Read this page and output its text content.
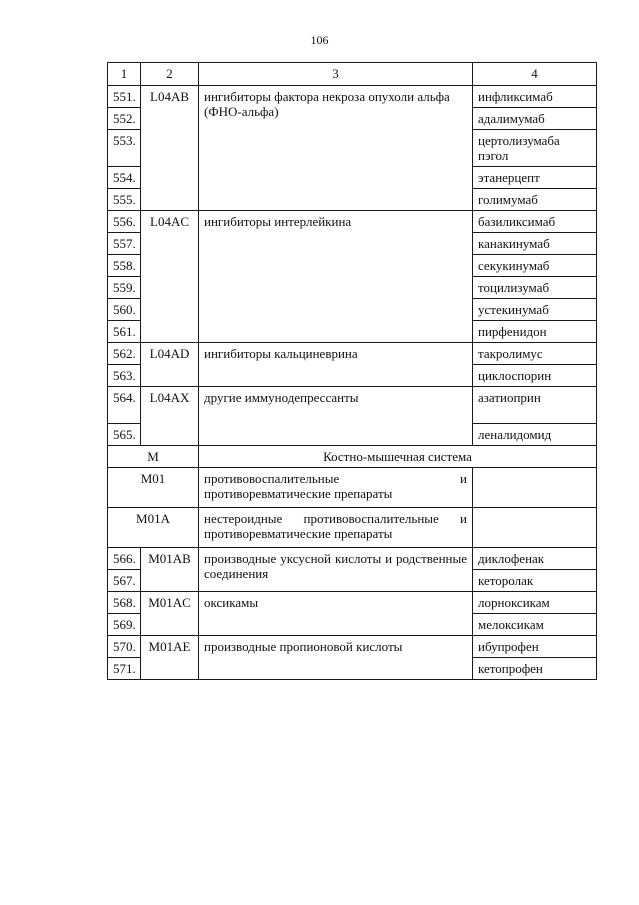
106
1	2	3	4
551.	L04AB	ингибиторы фактора некроза опухоли альфа (ФНО-альфа)	инфликсимаб
552.			адалимумаб
553.			цертолизумаба пэгол
554.			этанерцепт
555.			голимумаб
556.	L04AC	ингибиторы интерлейкина	базиликсимаб
557.			канакинумаб
558.			секукинумаб
559.			тоцилизумаб
560.			устекинумаб
561.			пирфенидон
562.	L04AD	ингибиторы кальциневрина	такролимус
563.			циклоспорин
564.	L04AX	другие иммунодепрессанты	азатиоприн
565.			леналидомид
М		Костно-мышечная система	
М01		противовоспалительные и противоревматические препараты	
М01А		нестероидные противовоспалительные и противоревматические препараты	
566.	M01AB	производные уксусной кислоты и родственные соединения	диклофенак
567.			кеторолак
568.	M01AC	оксикамы	лорноксикам
569.			мелоксикам
570.	M01AE	производные пропионовой кислоты	ибупрофен
571.			кетопрофен
